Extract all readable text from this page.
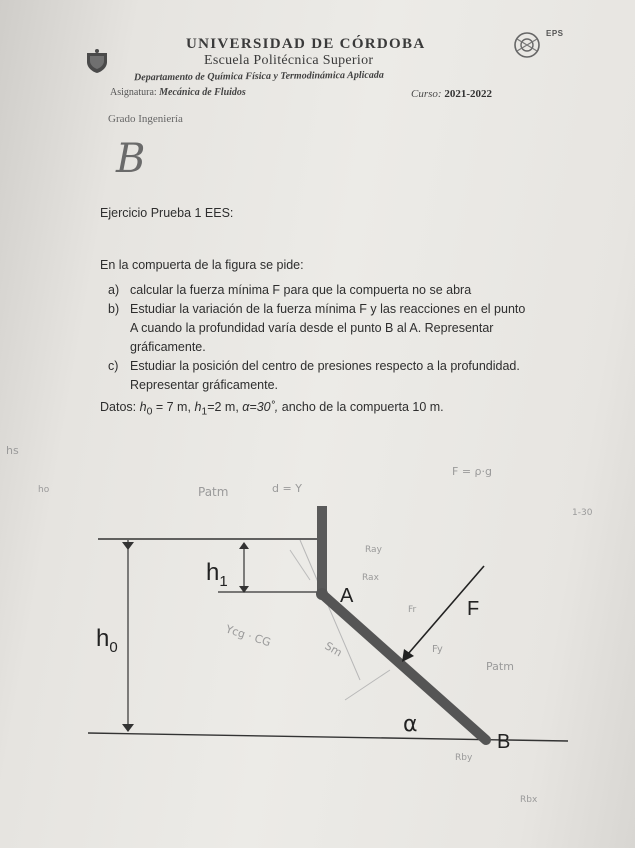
UNIVERSIDAD DE CÓRDOBA
Escuela Politécnica Superior
Departamento de Química Física y Termodinámica Aplicada
Asignatura: Mecánica de Fluidos	Curso: 2021-2022
Grado Ingeniería
EPS
B
Ejercicio Prueba 1 EES:
En la compuerta de la figura se pide:
a) calcular la fuerza mínima F para que la compuerta no se abra
b) Estudiar la variación de la fuerza mínima F y las reacciones en el punto A cuando la profundidad varía desde el punto B al A. Representar gráficamente.
c) Estudiar la posición del centro de presiones respecto a la profundidad. Representar gráficamente.
Datos: $h_0 = 7$ m, $h_1=2$ m, α=30˚, ancho de la compuerta 10 m.
hs
ho
1-30
Patm	d = Y
F = ρ·g
Ray
Rax
Fr
Fy
Patm
Ycg · CG
Sm
Rby
Rbx
$h_1$
$h_0$
A
B
F
α
